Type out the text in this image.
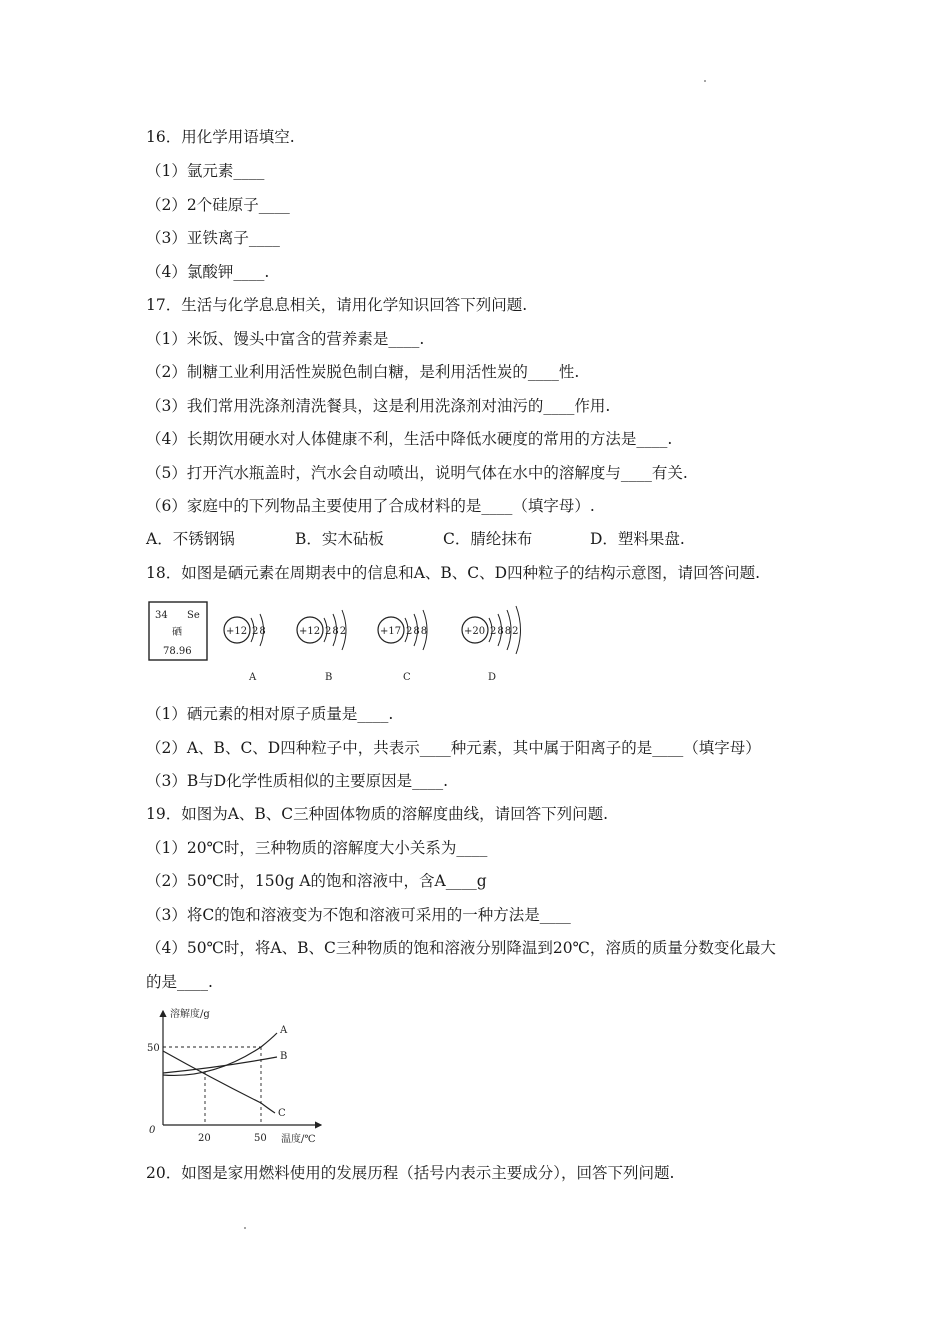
16．用化学用语填空.
（1）氩元素____
（2）2个硅原子____
（3）亚铁离子____
（4）氯酸钾____.
17．生活与化学息息相关，请用化学知识回答下列问题.
（1）米饭、馒头中富含的营养素是____.
（2）制糖工业利用活性炭脱色制白糖，是利用活性炭的____性.
（3）我们常用洗涤剂清洗餐具，这是利用洗涤剂对油污的____作用.
（4）长期饮用硬水对人体健康不利，生活中降低水硬度的常用的方法是____.
（5）打开汽水瓶盖时，汽水会自动喷出，说明气体在水中的溶解度与____有关.
（6）家庭中的下列物品主要使用了合成材料的是____（填字母）.
A．不锈钢锅	B．实木砧板	C．腈纶抹布	D．塑料果盘.
18．如图是硒元素在周期表中的信息和A、B、C、D四种粒子的结构示意图，请回答问题.
34 Se
硒
78.96
+12 28
A
+12 282
B
+17 288
C
+20 2882
D
（1）硒元素的相对原子质量是____.
（2）A、B、C、D四种粒子中，共表示____种元素，其中属于阳离子的是____（填字母）
（3）B与D化学性质相似的主要原因是____.
19．如图为A、B、C三种固体物质的溶解度曲线，请回答下列问题.
（1）20℃时，三种物质的溶解度大小关系为____
（2）50℃时，150g A的饱和溶液中，含A____g
（3）将C的饱和溶液变为不饱和溶液可采用的一种方法是____
（4）50℃时，将A、B、C三种物质的饱和溶液分别降温到20℃，溶质的质量分数变化最大
的是____.
溶解度/g
温度/℃
0
50
20	50
A
B
C
20．如图是家用燃料使用的发展历程（括号内表示主要成分），回答下列问题.
